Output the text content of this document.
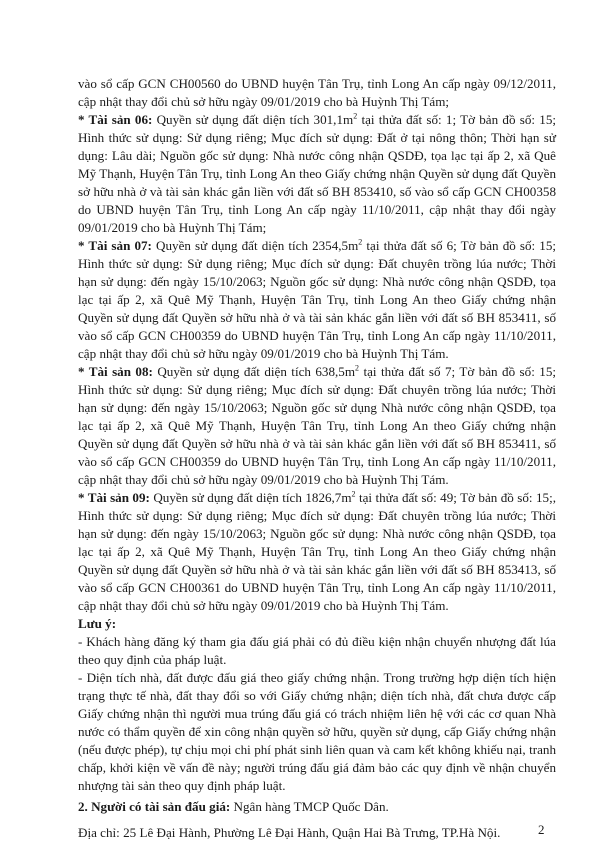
vào sổ cấp GCN CH00560 do UBND huyện Tân Trụ, tỉnh Long An cấp ngày 09/12/2011, cập nhật thay đổi chủ sở hữu ngày 09/01/2019 cho bà Huỳnh Thị Tám;

* Tài sản 06: Quyền sử dụng đất diện tích $301,1m^2$ tại thửa đất số: 1; Tờ bản đồ số: 15; Hình thức sử dụng: Sử dụng riêng; Mục đích sử dụng: Đất ở tại nông thôn; Thời hạn sử dụng: Lâu dài; Nguồn gốc sử dụng: Nhà nước công nhận QSDĐ, tọa lạc tại ấp 2, xã Quê Mỹ Thạnh, Huyện Tân Trụ, tỉnh Long An theo Giấy chứng nhận Quyền sử dụng đất Quyền sở hữu nhà ở và tài sản khác gắn liền với đất số BH 853410, số vào sổ cấp GCN CH00358 do UBND huyện Tân Trụ, tỉnh Long An cấp ngày 11/10/2011, cập nhật thay đổi ngày 09/01/2019 cho bà Huỳnh Thị Tám;

* Tài sản 07: Quyền sử dụng đất diện tích $2354,5m^2$ tại thửa đất số 6; Tờ bản đồ số: 15; Hình thức sử dụng: Sử dụng riêng; Mục đích sử dụng: Đất chuyên trồng lúa nước; Thời hạn sử dụng: đến ngày 15/10/2063; Nguồn gốc sử dụng: Nhà nước công nhận QSDĐ, tọa lạc tại ấp 2, xã Quê Mỹ Thạnh, Huyện Tân Trụ, tỉnh Long An theo Giấy chứng nhận Quyền sử dụng đất Quyền sở hữu nhà ở và tài sản khác gắn liền với đất số BH 853411, số vào sổ cấp GCN CH00359 do UBND huyện Tân Trụ, tỉnh Long An cấp ngày 11/10/2011, cập nhật thay đổi chủ sở hữu ngày 09/01/2019 cho bà Huỳnh Thị Tám.

* Tài sản 08: Quyền sử dụng đất diện tích $638,5m^2$ tại thửa đất số 7; Tờ bản đồ số: 15; Hình thức sử dụng: Sử dụng riêng; Mục đích sử dụng: Đất chuyên trồng lúa nước; Thời hạn sử dụng: đến ngày 15/10/2063; Nguồn gốc sử dụng Nhà nước công nhận QSDĐ, tọa lạc tại ấp 2, xã Quê Mỹ Thạnh, Huyện Tân Trụ, tỉnh Long An theo Giấy chứng nhận Quyền sử dụng đất Quyền sở hữu nhà ở và tài sản khác gắn liền với đất số BH 853411, số vào sổ cấp GCN CH00359 do UBND huyện Tân Trụ, tỉnh Long An cấp ngày 11/10/2011, cập nhật thay đổi chủ sở hữu ngày 09/01/2019 cho bà Huỳnh Thị Tám.

* Tài sản 09: Quyền sử dụng đất diện tích $1826,7m^2$ tại thửa đất số: 49; Tờ bản đồ số: 15;, Hình thức sử dụng: Sử dụng riêng; Mục đích sử dụng: Đất chuyên trồng lúa nước; Thời hạn sử dụng: đến ngày 15/10/2063; Nguồn gốc sử dụng: Nhà nước công nhận QSDĐ, tọa lạc tại ấp 2, xã Quê Mỹ Thạnh, Huyện Tân Trụ, tỉnh Long An theo Giấy chứng nhận Quyền sử dụng đất Quyền sở hữu nhà ở và tài sản khác gắn liền với đất số BH 853413, số vào sổ cấp GCN CH00361 do UBND huyện Tân Trụ, tỉnh Long An cấp ngày 11/10/2011, cập nhật thay đổi chủ sở hữu ngày 09/01/2019 cho bà Huỳnh Thị Tám.

Lưu ý:

- Khách hàng đăng ký tham gia đấu giá phải có đủ điều kiện nhận chuyển nhượng đất lúa theo quy định của pháp luật.

- Diện tích nhà, đất được đấu giá theo giấy chứng nhận. Trong trường hợp diện tích hiện trạng thực tế nhà, đất thay đổi so với Giấy chứng nhận; diện tích nhà, đất chưa được cấp Giấy chứng nhận thì người mua trúng đấu giá có trách nhiệm liên hệ với các cơ quan Nhà nước có thẩm quyền để xin công nhận quyền sở hữu, quyền sử dụng, cấp Giấy chứng nhận (nếu được phép), tự chịu mọi chi phí phát sinh liên quan và cam kết không khiếu nại, tranh chấp, khởi kiện về vấn đề này; người trúng đấu giá đảm bảo các quy định về nhận chuyển nhượng tài sản theo quy định pháp luật.

2. Người có tài sản đấu giá: Ngân hàng TMCP Quốc Dân.

Địa chỉ: 25 Lê Đại Hành, Phường Lê Đại Hành, Quận Hai Bà Trưng, TP.Hà Nội.	2
